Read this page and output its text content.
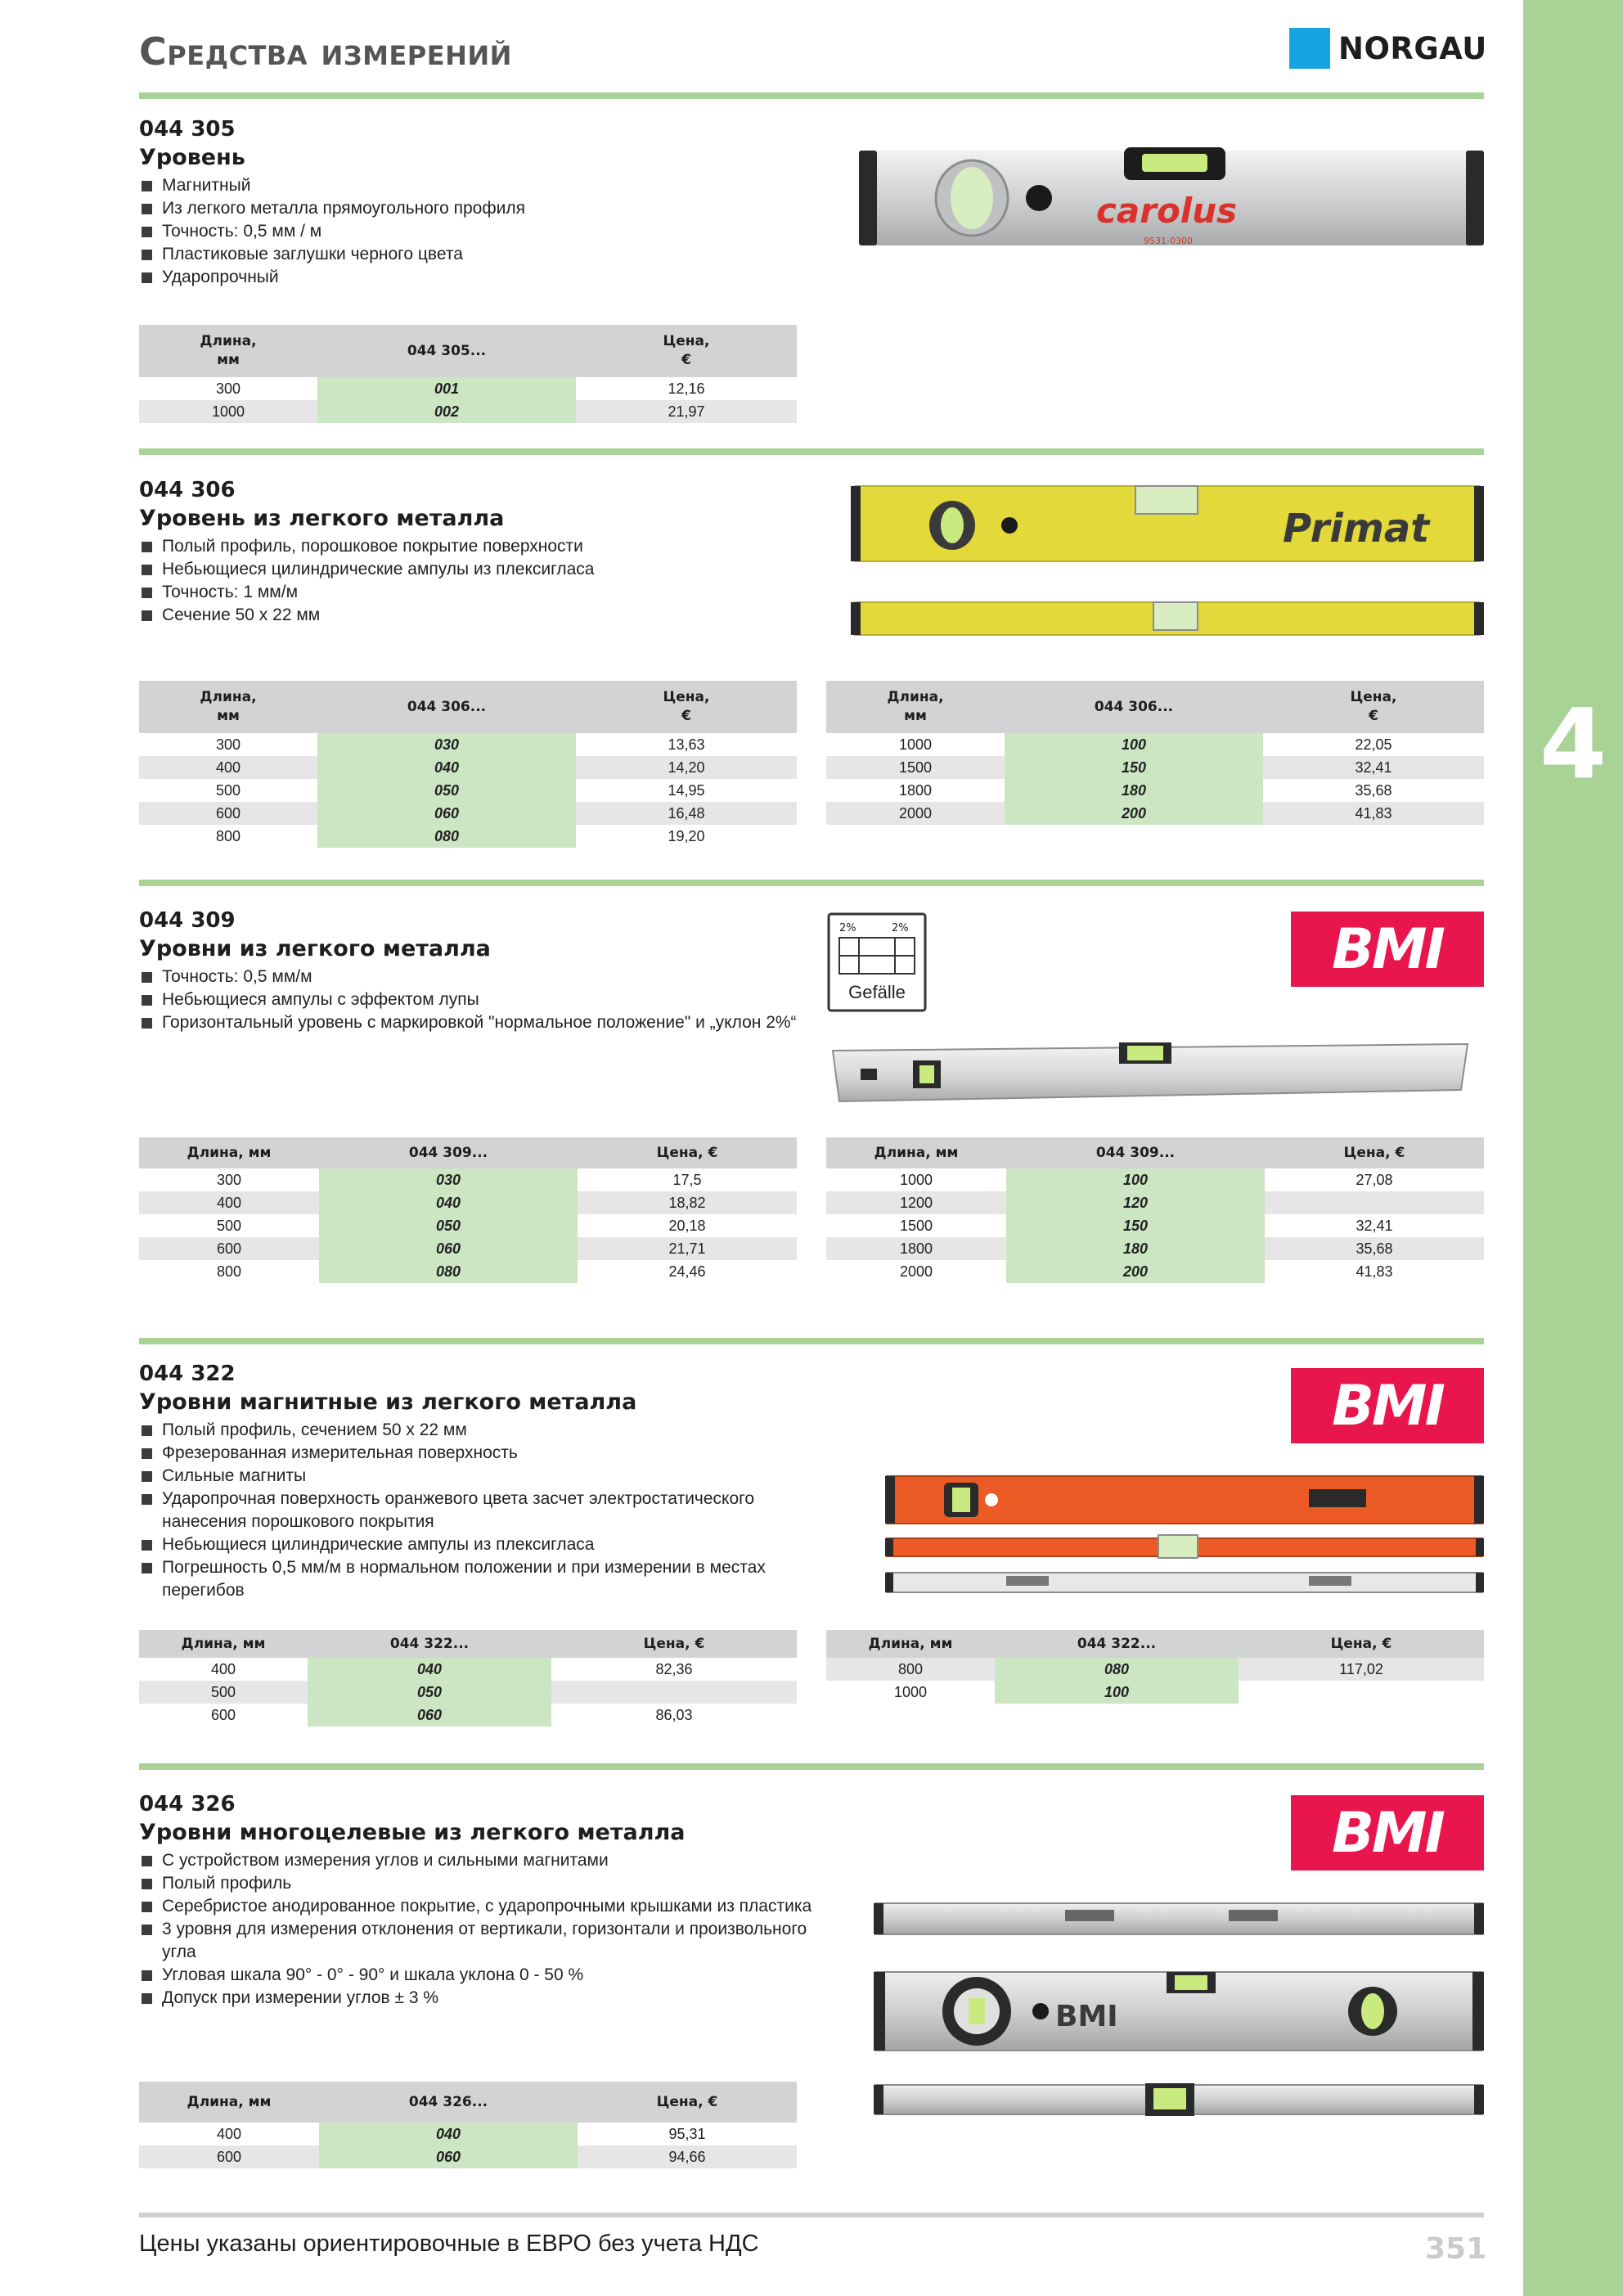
4
Средства измерений	NORGAU
044 305
Уровень
Магнитный
Из легкого металла прямоугольного профиля
Точность: 0,5 мм / м
Пластиковые заглушки черного цвета
Ударопрочный
carolus
9531-0300
Длина,
мм	044 305...	Цена,
€
300	001	12,16
1000	002	21,97
044 306
Уровень из легкого металла
Полый профиль, порошковое покрытие поверхности
Небьющиеся цилиндрические ампулы из плексигласа
Точность: 1 мм/м
Сечение 50 x 22 мм
Primat
Длина,
мм	044 306...	Цена,
€
300	030	13,63
400	040	14,20
500	050	14,95
600	060	16,48
800	080	19,20
Длина,
мм	044 306...	Цена,
€
1000	100	22,05
1500	150	32,41
1800	180	35,68
2000	200	41,83
044 309
Уровни из легкого металла
Точность: 0,5 мм/м
Небьющиеся ампулы с эффектом лупы
Горизонтальный уровень с маркировкой "нормальное положение" и „уклон 2%“
2%	2%
Gefälle
BMI
Длина, мм	044 309...	Цена, €
300	030	17,5
400	040	18,82
500	050	20,18
600	060	21,71
800	080	24,46
Длина, мм	044 309...	Цена, €
1000	100	27,08
1200	120	
1500	150	32,41
1800	180	35,68
2000	200	41,83
044 322
Уровни магнитные из легкого металла
Полый профиль, сечением 50 x 22 мм
Фрезерованная измерительная поверхность
Сильные магниты
Ударопрочная поверхность оранжевого цвета засчет электростатического нанесения порошкового покрытия
Небьющиеся цилиндрические ампулы из плексигласа
Погрешность 0,5 мм/м в нормальном положении и при измерении в местах перегибов
BMI
Длина, мм	044 322...	Цена, €
400	040	82,36
500	050	
600	060	86,03
Длина, мм	044 322...	Цена, €
800	080	117,02
1000	100	
044 326
Уровни многоцелевые из легкого металла
С устройством измерения углов и сильными магнитами
Полый профиль
Серебристое анодированное покрытие, с ударопрочными крышками из пластика
3 уровня для измерения отклонения от вертикали, горизонтали и произвольного угла
Угловая шкала 90° - 0° - 90° и шкала уклона 0 - 50 %
Допуск при измерении углов ± 3 %
BMI
BMI
Длина, мм	044 326...	Цена, €
400	040	95,31
600	060	94,66
Цены указаны ориентировочные в ЕВРО без учета НДС	351
